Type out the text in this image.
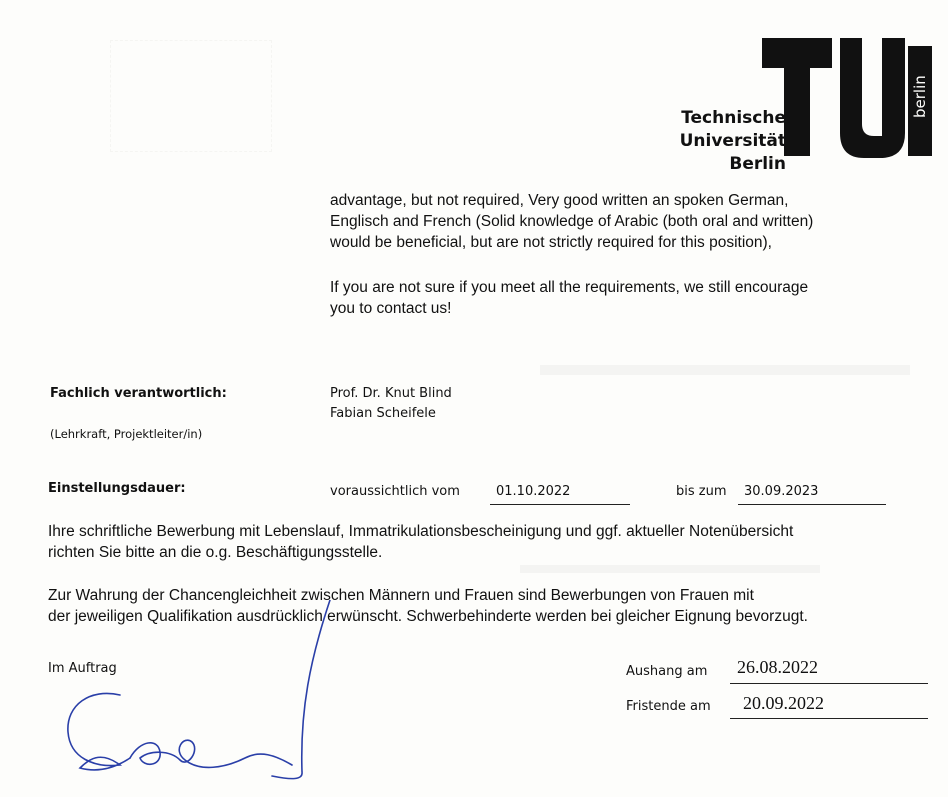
berlin
Technische
Universität
Berlin
advantage, but not required, Very good written an spoken German,
Englisch and French (Solid knowledge of Arabic (both oral and written)
would be beneficial, but are not strictly required for this position),
If you are not sure if you meet all the requirements, we still encourage
you to contact us!
Fachlich verantwortlich:
(Lehrkraft, Projektleiter/in)
Prof. Dr. Knut Blind
Fabian Scheifele
Einstellungsdauer:	voraussichtlich vom	01.10.2022	bis zum 30.09.2023
Ihre schriftliche Bewerbung mit Lebenslauf, Immatrikulationsbescheinigung und ggf. aktueller Notenübersicht
richten Sie bitte an die o.g. Beschäftigungsstelle.
Zur Wahrung der Chancengleichheit zwischen Männern und Frauen sind Bewerbungen von Frauen mit
der jeweiligen Qualifikation ausdrücklich erwünscht. Schwerbehinderte werden bei gleicher Eignung bevorzugt.
Im Auftrag	Aushang am 26.08.2022
Fristende am 20.09.2022
